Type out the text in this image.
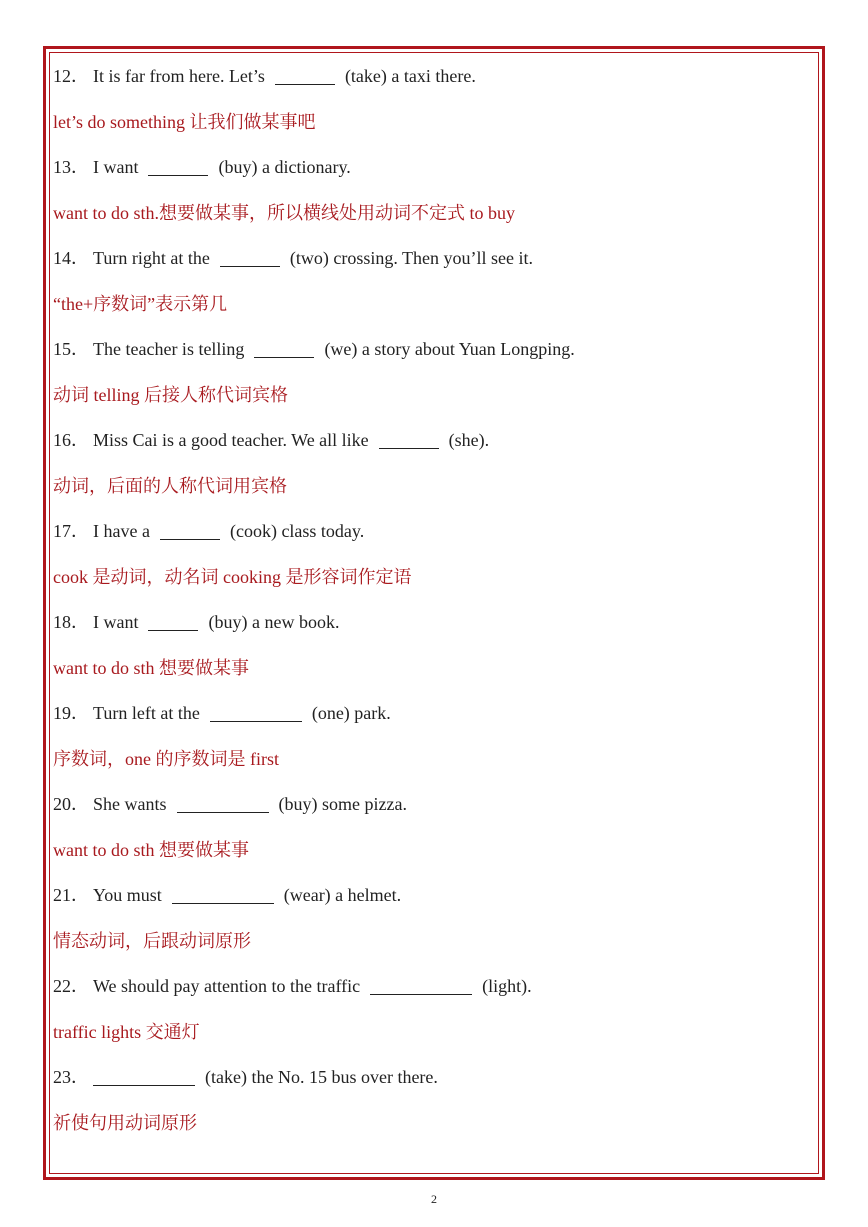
12． It is far from here. Let’s	(take) a taxi there.
let’s do something 让我们做某事吧
13． I want	(buy) a dictionary.
want to do sth.想要做某事，所以横线处用动词不定式 to buy
14． Turn right at the	(two) crossing. Then you’ll see it.
“the+序数词”表示第几
15． The teacher is telling	(we) a story about Yuan Longping.
动词 telling 后接人称代词宾格
16． Miss Cai is a good teacher. We all like	(she).
动词，后面的人称代词用宾格
17． I have a	(cook) class today.
cook 是动词，动名词 cooking 是形容词作定语
18． I want	(buy) a new book.
want to do sth 想要做某事
19． Turn left at the	(one) park.
序数词，one 的序数词是 first
20． She wants	(buy) some pizza.
want to do sth 想要做某事
21． You must	(wear) a helmet.
情态动词，后跟动词原形
22． We should pay attention to the traffic	(light).
traffic lights 交通灯
23．	(take) the No. 15 bus over there.
祈使句用动词原形
2
